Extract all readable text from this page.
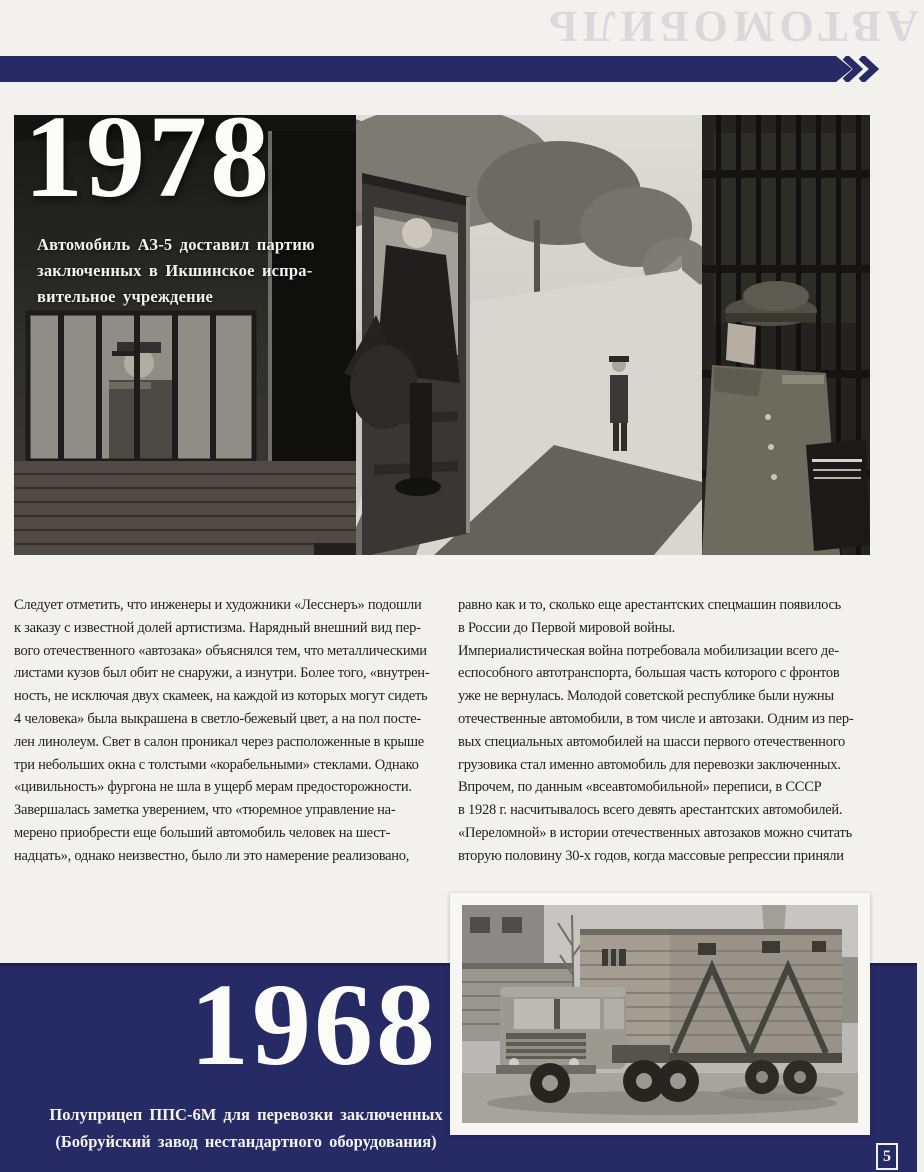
АВТОМОБИЛЬ
1978
Автомобиль АЗ-5 доставил партию
заключенных в Икшинское испра-
вительное учреждение
Следует отметить, что инженеры и художники «Лесснеръ» подошли
к заказу с известной долей артистизма. Нарядный внешний вид пер-
вого отечественного «автозака» объяснялся тем, что металлическими
листами кузов был обит не снаружи, а изнутри. Более того, «внутрен-
ность, не исключая двух скамеек, на каждой из которых могут сидеть
4 человека» была выкрашена в светло-бежевый цвет, а на пол посте-
лен линолеум. Свет в салон проникал через расположенные в крыше
три небольших окна с толстыми «корабельными» стеклами. Однако
«цивильность» фургона не шла в ущерб мерам предосторожности.
Завершалась заметка уверением, что «тюремное управление на-
мерено приобрести еще больший автомобиль человек на шест-
надцать», однако неизвестно, было ли это намерение реализовано,
равно как и то, сколько еще арестантских спецмашин появилось
в России до Первой мировой войны.
Империалистическая война потребовала мобилизации всего де-
еспособного автотранспорта, большая часть которого с фронтов
уже не вернулась. Молодой советской республике были нужны
отечественные автомобили, в том числе и автозаки. Одним из пер-
вых специальных автомобилей на шасси первого отечественного
грузовика стал именно автомобиль для перевозки заключенных.
Впрочем, по данным «всеавтомобильной» переписи, в СССР
в 1928 г. насчитывалось всего девять арестантских автомобилей.
«Переломной» в истории отечественных автозаков можно считать
вторую половину 30-х годов, когда массовые репрессии приняли
1968
Полуприцеп ППС-6М для перевозки заключенных
(Бобруйский завод нестандартного оборудования)
5
